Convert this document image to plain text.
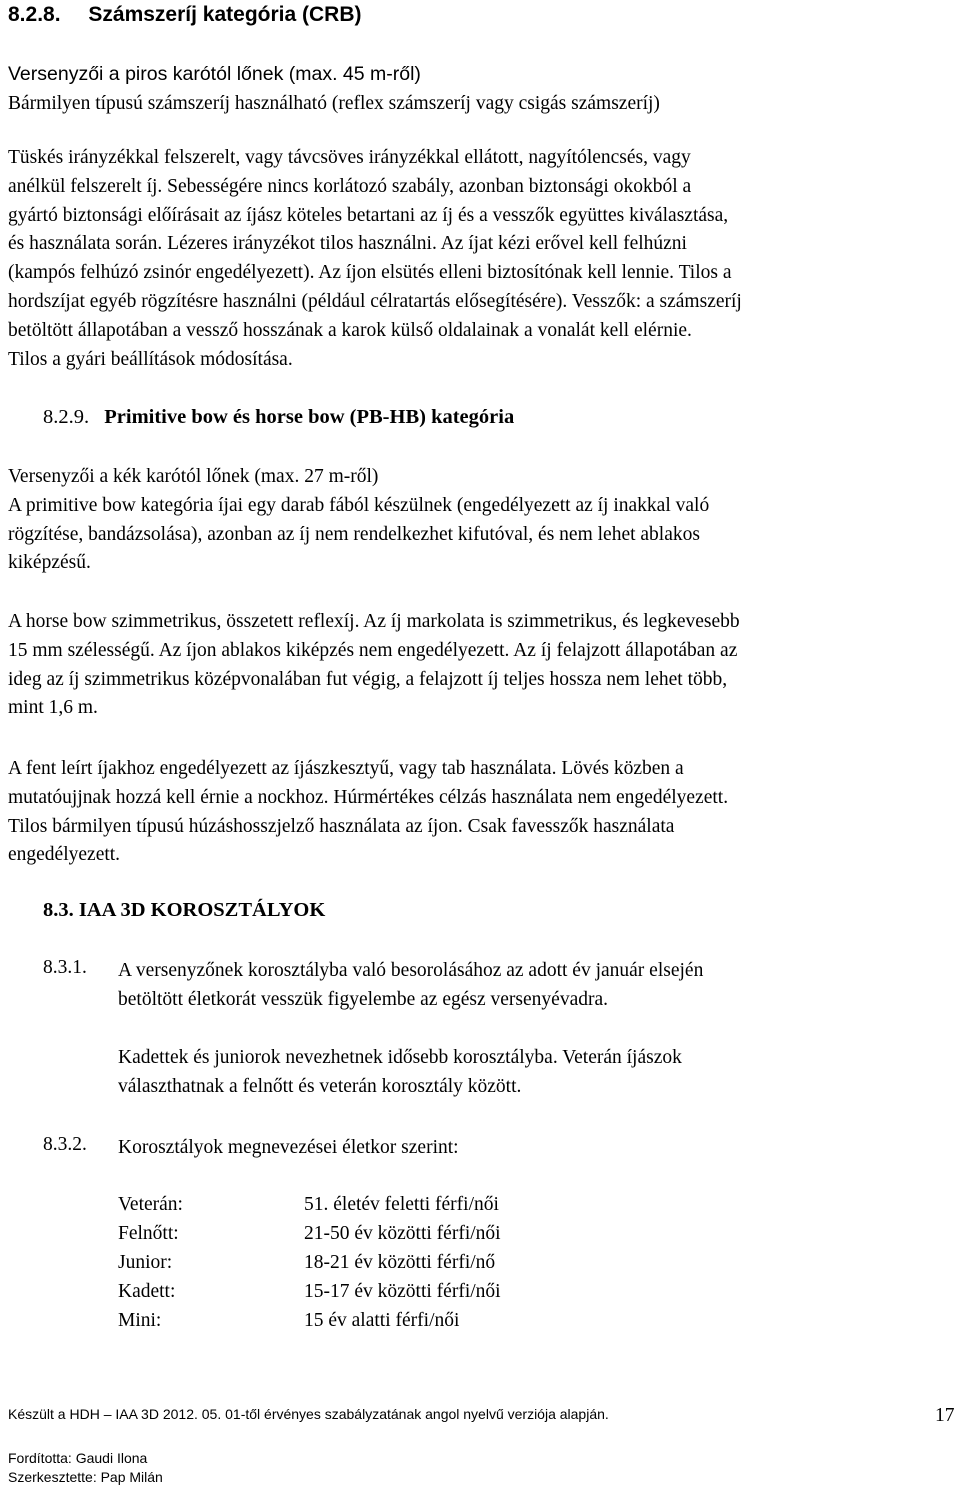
8.2.8. Számszeríj kategória (CRB)
Versenyzői a piros karótól lőnek (max. 45 m-ről)
Bármilyen típusú számszeríj használható (reflex számszeríj vagy csigás számszeríj)
Tüskés irányzékkal felszerelt, vagy távcsöves irányzékkal ellátott, nagyítólencsés, vagy
anélkül felszerelt íj. Sebességére nincs korlátozó szabály, azonban biztonsági okokból a
gyártó biztonsági előírásait az íjász köteles betartani az íj és a vesszők együttes kiválasztása,
és használata során. Lézeres irányzékot tilos használni. Az íjat kézi erővel kell felhúzni
(kampós felhúzó zsinór engedélyezett). Az íjon elsütés elleni biztosítónak kell lennie. Tilos a
hordszíjat egyéb rögzítésre használni (például célratartás elősegítésére). Vesszők: a számszeríj
betöltött állapotában a vessző hosszának a karok külső oldalainak a vonalát kell elérnie.
Tilos a gyári beállítások módosítása.
8.2.9. Primitive bow és horse bow (PB-HB) kategória
Versenyzői a kék karótól lőnek (max. 27 m-ről)
A primitive bow kategória íjai egy darab fából készülnek (engedélyezett az íj inakkal való
rögzítése, bandázsolása), azonban az íj nem rendelkezhet kifutóval, és nem lehet ablakos
kiképzésű.
A horse bow szimmetrikus, összetett reflexíj. Az íj markolata is szimmetrikus, és legkevesebb
15 mm szélességű. Az íjon ablakos kiképzés nem engedélyezett. Az íj felajzott állapotában az
ideg az íj szimmetrikus középvonalában fut végig, a felajzott íj teljes hossza nem lehet több,
mint 1,6 m.
A fent leírt íjakhoz engedélyezett az íjászkesztyű, vagy tab használata. Lövés közben a
mutatóujjnak hozzá kell érnie a nockhoz. Húrmértékes célzás használata nem engedélyezett.
Tilos bármilyen típusú húzáshosszjelző használata az íjon. Csak favesszők használata
engedélyezett.
8.3. IAA 3D KOROSZTÁLYOK
8.3.1. A versenyzőnek korosztályba való besorolásához az adott év január elsején
betöltött életkorát vesszük figyelembe az egész versenyévadra.
Kadettek és juniorok nevezhetnek idősebb korosztályba. Veterán íjászok
választhatnak a felnőtt és veterán korosztály között.
8.3.2. Korosztályok megnevezései életkor szerint:
Veterán:	51. életév feletti férfi/női
Felnőtt:	21-50 év közötti férfi/női
Junior:	18-21 év közötti férfi/nő
Kadett:	15-17 év közötti férfi/női
Mini:	15 év alatti férfi/női
Készült a HDH – IAA 3D 2012. 05. 01-től érvényes szabályzatának angol nyelvű verziója alapján.	17
Fordította: Gaudi Ilona
Szerkesztette: Pap Milán
